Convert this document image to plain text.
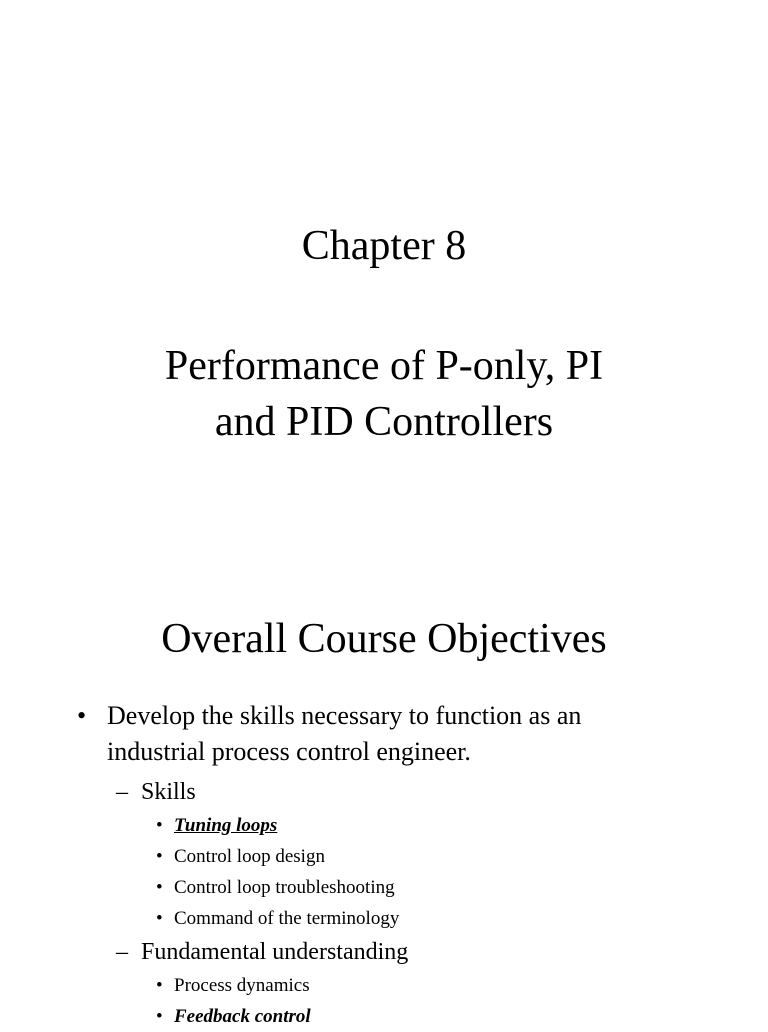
Chapter 8
Performance of P-only, PI
and PID Controllers
Overall Course Objectives
• Develop the skills necessary to function as an
industrial process control engineer.
– Skills
• Tuning loops
• Control loop design
• Control loop troubleshooting
• Command of the terminology
– Fundamental understanding
• Process dynamics
• Feedback control
